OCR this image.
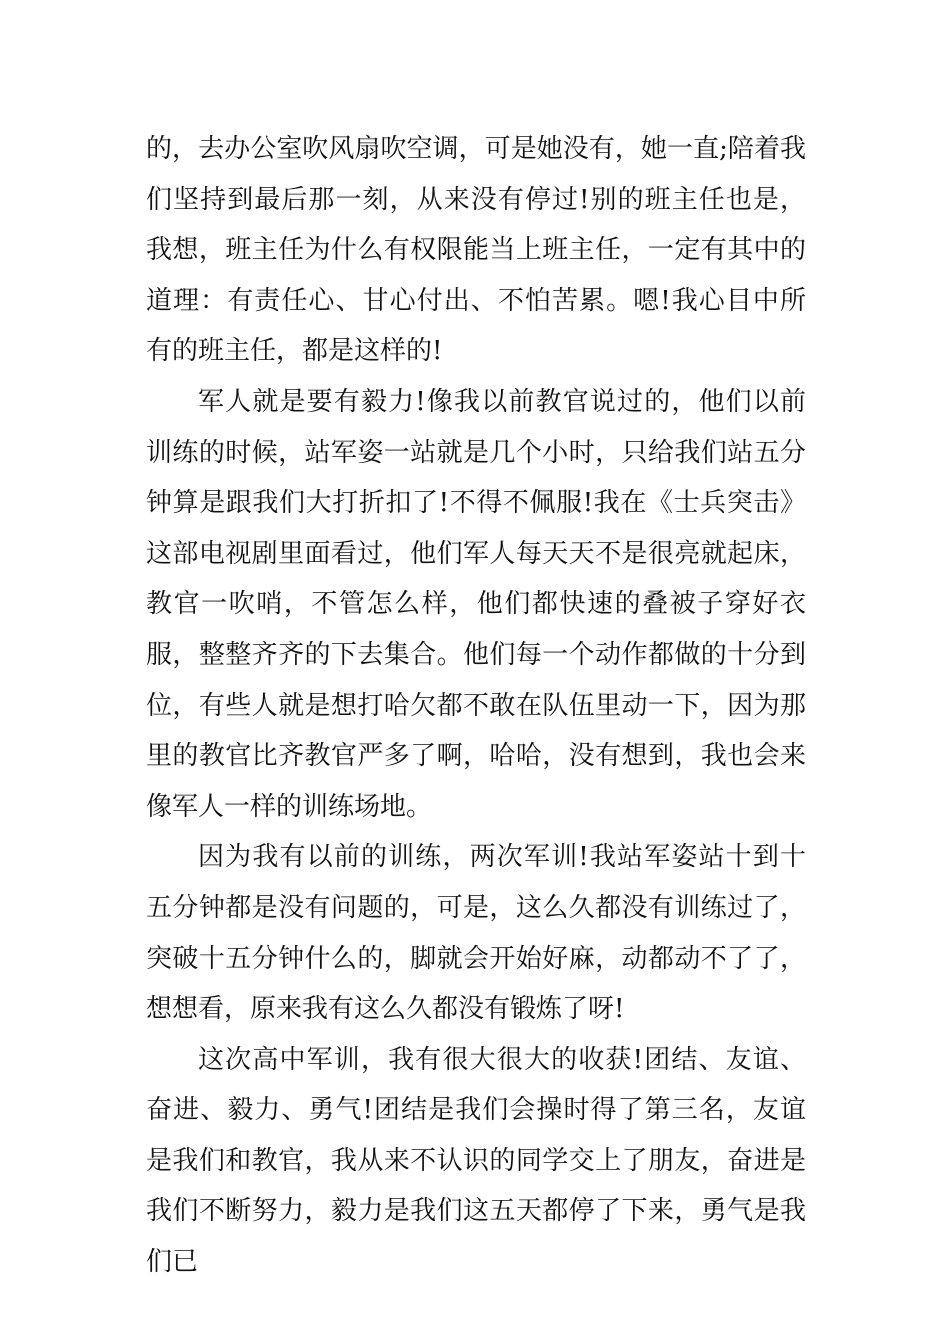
的，去办公室吹风扇吹空调，可是她没有，她一直;陪着我们坚持到最后那一刻，从来没有停过!别的班主任也是，我想，班主任为什么有权限能当上班主任，一定有其中的道理：有责任心、甘心付出、不怕苦累。嗯!我心目中所有的班主任，都是这样的!

军人就是要有毅力!像我以前教官说过的，他们以前训练的时候，站军姿一站就是几个小时，只给我们站五分钟算是跟我们大打折扣了!不得不佩服!我在《士兵突击》这部电视剧里面看过，他们军人每天天不是很亮就起床，教官一吹哨，不管怎么样，他们都快速的叠被子穿好衣服，整整齐齐的下去集合。他们每一个动作都做的十分到位，有些人就是想打哈欠都不敢在队伍里动一下，因为那里的教官比齐教官严多了啊，哈哈，没有想到，我也会来像军人一样的训练场地。

因为我有以前的训练，两次军训!我站军姿站十到十五分钟都是没有问题的，可是，这么久都没有训练过了，突破十五分钟什么的，脚就会开始好麻，动都动不了了，想想看，原来我有这么久都没有锻炼了呀!

这次高中军训，我有很大很大的收获!团结、友谊、奋进、毅力、勇气!团结是我们会操时得了第三名，友谊是我们和教官，我从来不认识的同学交上了朋友，奋进是我们不断努力，毅力是我们这五天都停了下来，勇气是我们已
